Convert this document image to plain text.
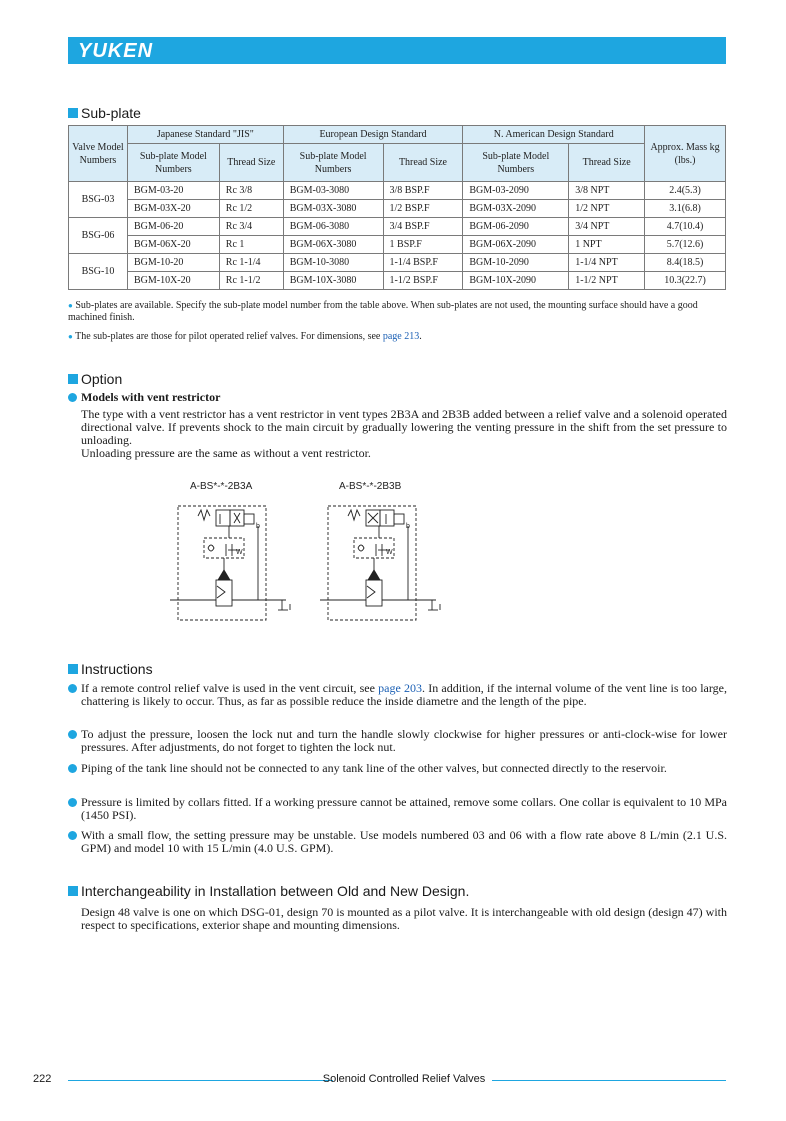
YUKEN
Sub-plate
Valve Model Numbers	Japanese Standard "JIS"		European Design Standard		N. American Design Standard		Approx. Mass kg (lbs.)
	Sub-plate Model Numbers	Thread Size	Sub-plate Model Numbers	Thread Size	Sub-plate Model Numbers	Thread Size	
BSG-03	BGM-03-20	Rc 3/8	BGM-03-3080	3/8 BSP.F	BGM-03-2090	3/8 NPT	2.4(5.3)
	BGM-03X-20	Rc 1/2	BGM-03X-3080	1/2 BSP.F	BGM-03X-2090	1/2 NPT	3.1(6.8)
BSG-06	BGM-06-20	Rc 3/4	BGM-06-3080	3/4 BSP.F	BGM-06-2090	3/4 NPT	4.7(10.4)
	BGM-06X-20	Rc 1	BGM-06X-3080	1 BSP.F	BGM-06X-2090	1 NPT	5.7(12.6)
BSG-10	BGM-10-20	Rc 1-1/4	BGM-10-3080	1-1/4 BSP.F	BGM-10-2090	1-1/4 NPT	8.4(18.5)
	BGM-10X-20	Rc 1-1/2	BGM-10X-3080	1-1/2 BSP.F	BGM-10X-2090	1-1/2 NPT	10.3(22.7)
● Sub-plates are available. Specify the sub-plate model number from the table above. When sub-plates are not used, the mounting surface should have a good machined finish.
● The sub-plates are those for pilot operated relief valves. For dimensions, see page 213.
Option
Models with vent restrictor
The type with a vent restrictor has a vent restrictor in vent types 2B3A and 2B3B added between a relief valve and a solenoid operated directional valve. If prevents shock to the main circuit by gradually lowering the venting pressure in the shift from the set pressure to unloading.
Unloading pressure are the same as without a vent restrictor.
A-BS*-*-2B3A	A-BS*-*-2B3B
b
W
b
W
Instructions
If a remote control relief valve is used in the vent circuit, see page 203. In addition, if the internal volume of the vent line is too large, chattering is likely to occur. Thus, as far as possible reduce the inside diametre and the length of the pipe.
To adjust the pressure, loosen the lock nut and turn the handle slowly clockwise for higher pressures or anti-clock-wise for lower pressures. After adjustments, do not forget to tighten the lock nut.
Piping of the tank line should not be connected to any tank line of the other valves, but connected directly to the reservoir.
Pressure is limited by collars fitted. If a working pressure cannot be attained, remove some collars. One collar is equivalent to 10 MPa (1450 PSI).
With a small flow, the setting pressure may be unstable. Use models numbered 03 and 06 with a flow rate above 8 L/min (2.1 U.S. GPM) and model 10 with 15 L/min (4.0 U.S. GPM).
Interchangeability in Installation between Old and New Design.
Design 48 valve is one on which DSG-01, design 70 is mounted as a pilot valve. It is interchangeable with old design (design 47) with respect to specifications, exterior shape and mounting dimensions.
222	Solenoid Controlled Relief Valves
